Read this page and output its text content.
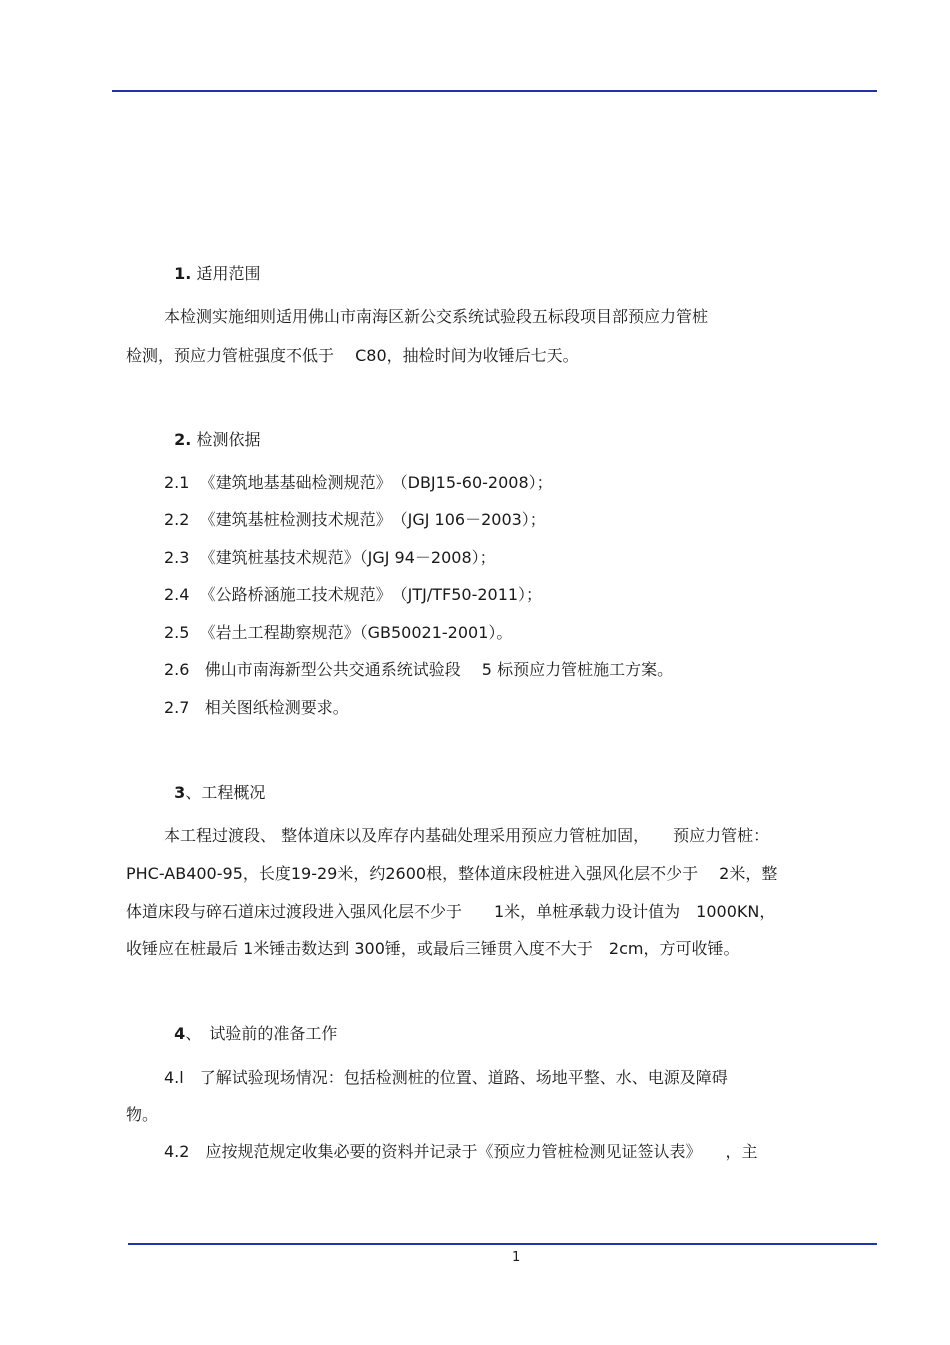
1. 适用范围

本检测实施细则适用佛山市南海区新公交系统试验段五标段项目部预应力管桩
检测，预应力管桩强度不低于　 C80，抽检时间为收锤后七天。

2. 检测依据

2.1 《建筑地基基础检测规范》　（DBJ15-60-2008）；
2.2 《建筑基桩检测技术规范》　（JGJ 106－2003）；
2.3 《建筑桩基技术规范》（JGJ 94－2008）；
2.4 《公路桥涵施工技术规范》　（JTJ/TF50-2011）；
2.5 《岩土工程勘察规范》（GB50021-2001）。
2.6 佛山市南海新型公共交通系统试验段　 5 标预应力管桩施工方案。
2.7 相关图纸检测要求。

3、工程概况

本工程过渡段、 整体道床以及库存内基础处理采用预应力管桩加固，　　预应力管桩：
PHC-AB400-95，长度19-29米，约2600根，整体道床段桩进入强风化层不少于　 2米，整
体道床段与碎石道床过渡段进入强风化层不少于　　1米，单桩承载力设计值为　1000KN，
收锤应在桩最后 1米锤击数达到 300锤，或最后三锤贯入度不大于　2cm，方可收锤。

4、　试验前的准备工作

4.l　了解试验现场情况：包括检测桩的位置、道路、场地平整、水、电源及障碍
物。
4.2　应按规范规定收集必要的资料并记录于《预应力管桩检测见证签认表》　　，主
1
